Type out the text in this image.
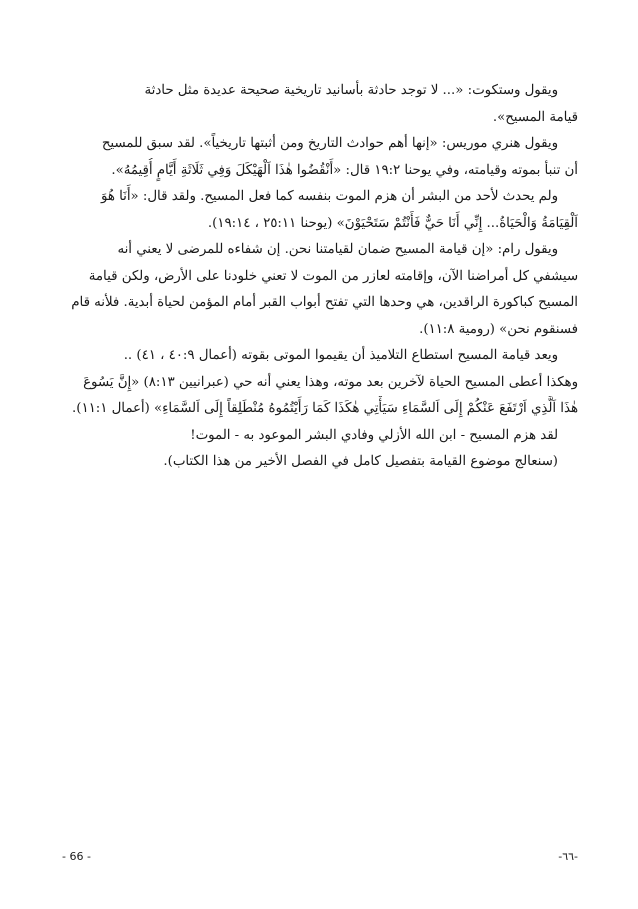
ويقول وستكوت: «... لا توجد حادثة بأسانيد تاريخية صحيحة عديدة مثل حادثة
قيامة المسيح».
ويقول هنري موريس: «إنها أهم حوادث التاريخ ومن أثبتها تاريخياً». لقد سبق للمسيح
أن تنبأ بموته وقيامته، وفي يوحنا ١٩:٢ قال: «أَنْقُضُوا هٰذَا اَلْهَيْكَلَ وَفِي ثَلَاثَةِ أَيَّامٍ أُقِيمُهُ».
ولم يحدث لأحد من البشر أن هزم الموت بنفسه كما فعل المسيح. ولقد قال: «أَنَا هُوَ
اَلْقِيَامَةُ وَالْحَيَاةُ... إِنِّي أَنَا حَيٌّ فَأَنْتُمْ سَتَحْيَوْنَ» (يوحنا ٢٥:١١ ، ١٩:١٤).
ويقول رام: «إن قيامة المسيح ضمان لقيامتنا نحن. إن شفاءه للمرضى لا يعني أنه
سيشفي كل أمراضنا الآن، وإقامته لعازر من الموت لا تعني خلودنا على الأرض، ولكن قيامة
المسيح كباكورة الراقدين، هي وحدها التي تفتح أبواب القبر أمام المؤمن لحياة أبدية. فلأنه قام
فسنقوم نحن» (رومية ١١:٨).
ويعد قيامة المسيح استطاع التلاميذ أن يقيموا الموتى بقوته (أعمال ٤٠:٩ ، ٤١) ..
وهكذا أعطى المسيح الحياة لآخرين بعد موته، وهذا يعني أنه حي (عبرانيين ٨:١٣) «إِنَّ يَسُوعَ
هٰذَا اَلَّذِي اَرْتَفَعَ عَنْكُمْ إِلَى اَلسَّمَاءِ سَيَأْتِي هٰكَذَا كَمَا رَأَيْتُمُوهُ مُنْطَلِقاً إِلَى اَلسَّمَاءِ» (أعمال ١١:١).
لقد هزم المسيح - ابن الله الأزلي وفادي البشر الموعود به - الموت!
(سنعالج موضوع القيامة بتفصيل كامل في الفصل الأخير من هذا الكتاب).
- 66 -	-٦٦-
